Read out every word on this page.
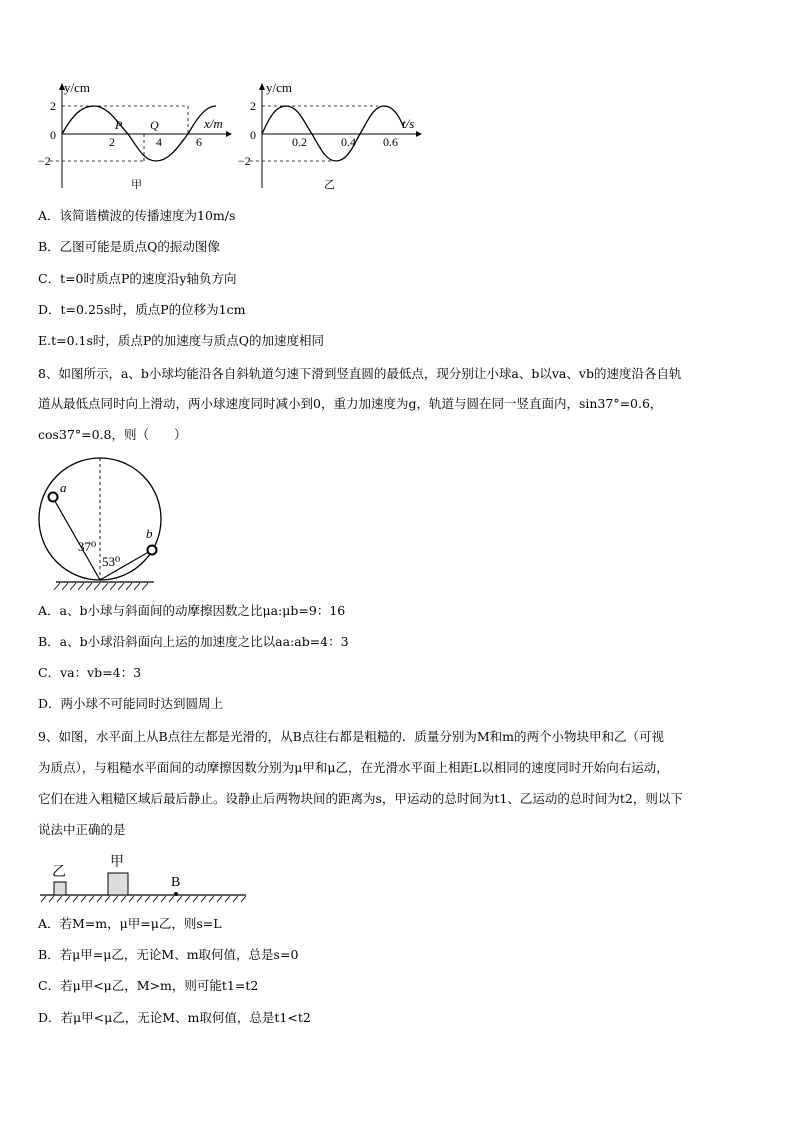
y/cm
x/m
2
0
−2
2	4	6
P Q
甲
y/cm
t/s
2
0
−2
0.2	0.4 0.6
乙
A．该简谐横波的传播速度为10m/s
B．乙图可能是质点Q的振动图像
C．t=0时质点P的速度沿y轴负方向
D．t=0.25s时，质点P的位移为1cm
E.t=0.1s时，质点P的加速度与质点Q的加速度相同
8、如图所示，a、b小球均能沿各自斜轨道匀速下滑到竖直圆的最低点，现分别让小球a、b以va、vb的速度沿各自轨
道从最低点同时向上滑动，两小球速度同时减小到0，重力加速度为g，轨道与圆在同一竖直面内，sin37°=0.6，
cos37°=0.8，则（　　）
a
b
37⁰
53⁰
A．a、b小球与斜面间的动摩擦因数之比μa:μb=9：16
B．a、b小球沿斜面向上运的加速度之比以aa:ab=4：3
C．va：vb=4：3
D．两小球不可能同时达到圆周上
9、如图，水平面上从B点往左都是光滑的，从B点往右都是粗糙的．质量分别为M和m的两个小物块甲和乙（可视
为质点），与粗糙水平面间的动摩擦因数分别为μ甲和μ乙，在光滑水平面上相距L以相同的速度同时开始向右运动，
它们在进入粗糙区域后最后静止。设静止后两物块间的距离为s，甲运动的总时间为t1、乙运动的总时间为t2，则以下
说法中正确的是
乙
甲
B
A．若M=m，μ甲=μ乙，则s=L
B．若μ甲=μ乙，无论M、m取何值，总是s=0
C．若μ甲<μ乙，M>m，则可能t1=t2
D．若μ甲<μ乙，无论M、m取何值，总是t1<t2
